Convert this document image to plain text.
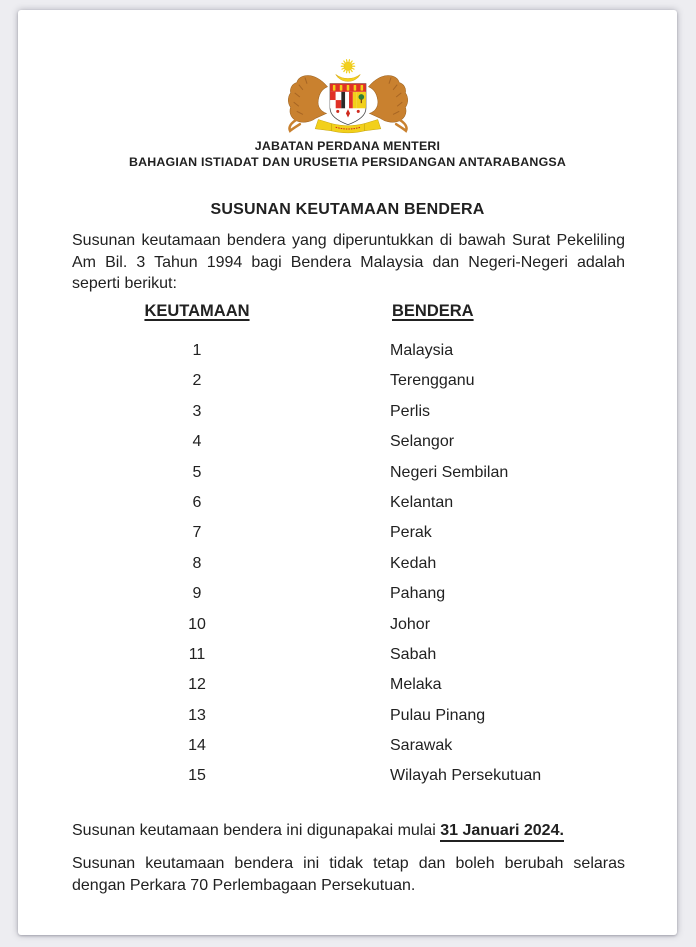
JABATAN PERDANA MENTERI
BAHAGIAN ISTIADAT DAN URUSETIA PERSIDANGAN ANTARABANGSA
SUSUNAN KEUTAMAAN BENDERA

Susunan keutamaan bendera yang diperuntukkan di bawah Surat Pekeliling Am Bil. 3 Tahun 1994 bagi Bendera Malaysia dan Negeri-Negeri adalah seperti berikut:

KEUTAMAAN	BENDERA
1	Malaysia
2	Terengganu
3	Perlis
4	Selangor
5	Negeri Sembilan
6	Kelantan
7	Perak
8	Kedah
9	Pahang
10	Johor
11	Sabah
12	Melaka
13	Pulau Pinang
14	Sarawak
15	Wilayah Persekutuan

Susunan keutamaan bendera ini digunapakai mulai 31 Januari 2024.

Susunan keutamaan bendera ini tidak tetap dan boleh berubah selaras dengan Perkara 70 Perlembagaan Persekutuan.
